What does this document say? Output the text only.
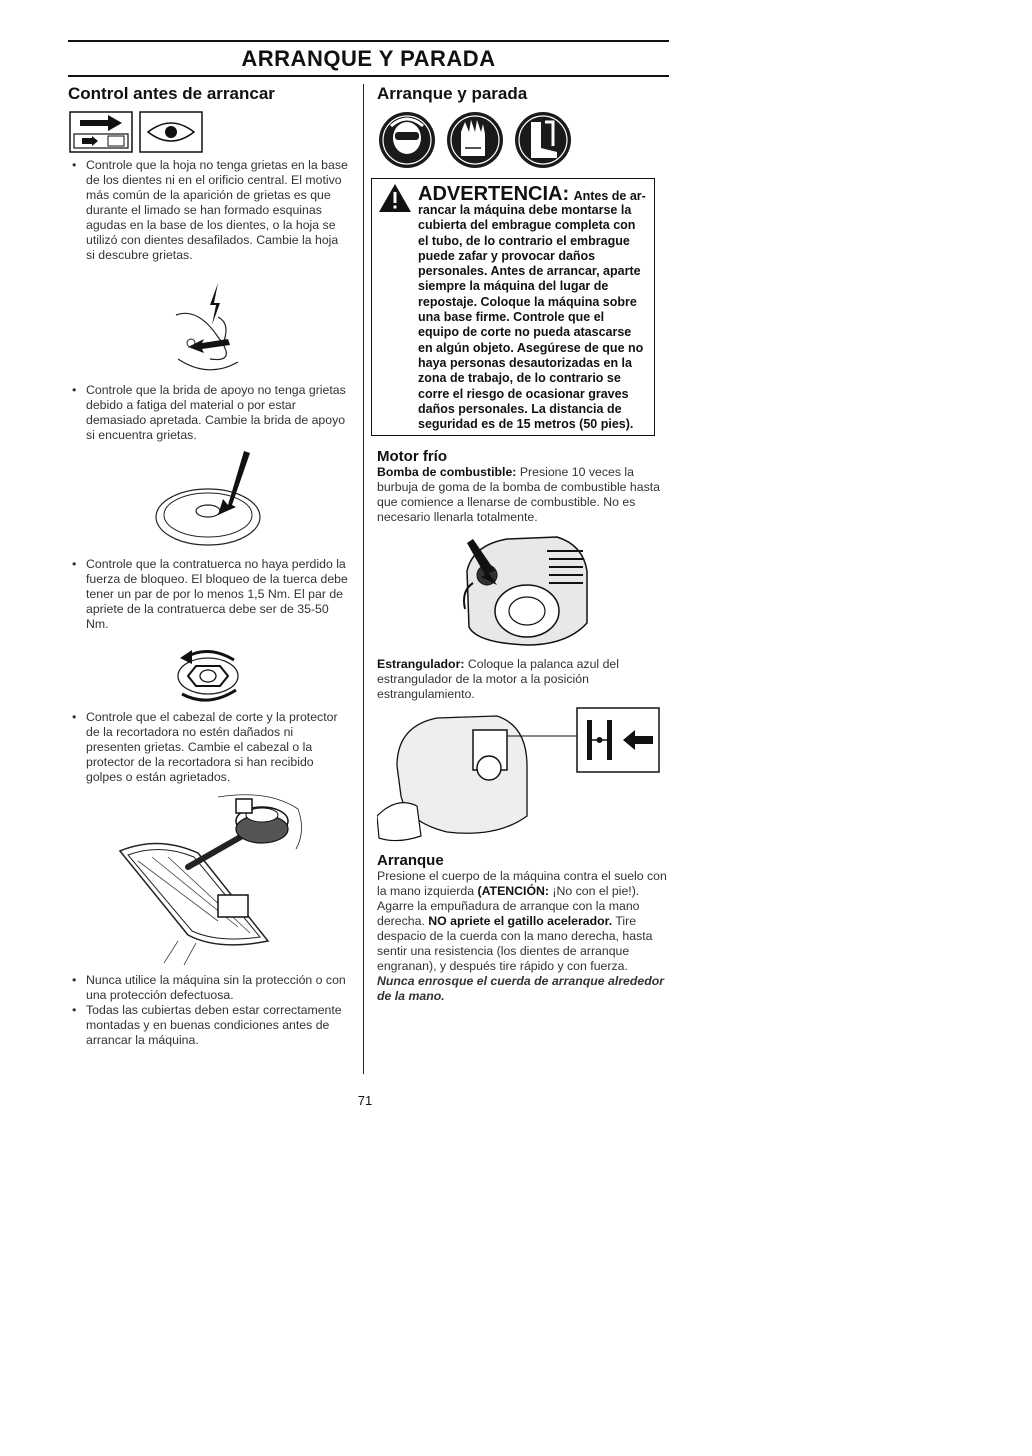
ARRANQUE Y PARADA
Control antes de arrancar
• Controle que la hoja no tenga grietas en la base de los dientes ni en el orificio central. El motivo más común de la aparición de grietas es que durante el limado se han formado esquinas agudas en la base de los dientes, o la hoja se utilizó con dientes desafilados. Cambie la hoja si descubre grietas.
• Controle que la brida de apoyo no tenga grietas debido a fatiga del material o por estar demasiado apretada. Cambie la brida de apoyo si encuentra grietas.
• Controle que la contratuerca no haya perdido la fuerza de bloqueo. El bloqueo de la tuerca debe tener un par de por lo menos 1,5 Nm. El par de apriete de la contratuerca debe ser de 35-50 Nm.
• Controle que el cabezal de corte y la protector de la recortadora no estén dañados ni presenten grietas. Cambie el cabezal o la protector de la recortadora si han recibido golpes o están agrietados.
• Nunca utilice la máquina sin la protección o con una protección defectuosa.
• Todas las cubiertas deben estar correctamente montadas y en buenas condiciones antes de arrancar la máquina.
Arranque y parada
ADVERTENCIA: Antes de ar-
rancar la máquina debe montarse la cubierta del embrague completa con el tubo, de lo contrario el embrague puede zafar y provocar daños personales. Antes de arrancar, aparte siempre la máquina del lugar de repostaje. Coloque la máquina sobre una base firme. Controle que el equipo de corte no pueda atascarse en algún objeto. Asegúrese de que no haya personas desautorizadas en la zona de trabajo, de lo contrario se corre el riesgo de ocasionar graves daños personales. La distancia de seguridad es de 15 metros (50 pies).
Motor frío

Bomba de combustible: Presione 10 veces la burbuja de goma de la bomba de combustible hasta que comience a llenarse de combustible. No es necesario llenarla totalmente.

Estrangulador: Coloque la palanca azul del estrangulador de la motor a la posición estrangulamiento.

Arranque

Presione el cuerpo de la máquina contra el suelo con la mano izquierda (ATENCIÓN: ¡No con el pie!). Agarre la empuñadura de arranque con la mano derecha. NO apriete el gatillo acelerador. Tire despacio de la cuerda con la mano derecha, hasta sentir una resistencia (los dientes de arranque engranan), y después tire rápido y con fuerza.

Nunca enrosque el cuerda de arranque alrededor de la mano.

71
